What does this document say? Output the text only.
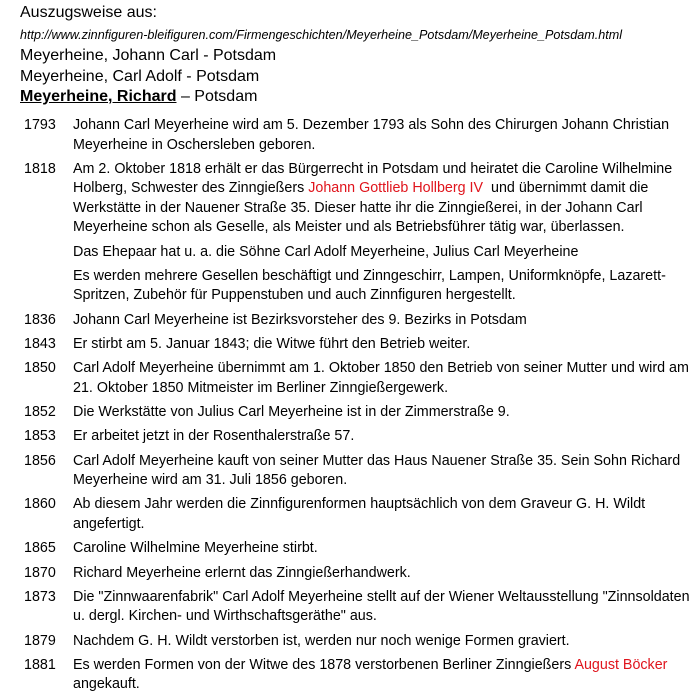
Auszugsweise aus:
http://www.zinnfiguren-bleifiguren.com/Firmengeschichten/Meyerheine_Potsdam/Meyerheine_Potsdam.html
Meyerheine, Johann Carl - Potsdam
Meyerheine, Carl Adolf - Potsdam
Meyerheine, Richard – Potsdam
1793	Johann Carl Meyerheine wird am 5. Dezember 1793 als Sohn des Chirurgen Johann Christian Meyerheine in Oschersleben geboren.

1818	Am 2. Oktober 1818 erhält er das Bürgerrecht in Potsdam und heiratet die Caroline Wilhelmine Holberg, Schwester des Zinngießers Johann Gottlieb Hollberg IV  und übernimmt damit die Werkstätte in der Nauener Straße 35. Dieser hatte ihr die Zinngießerei, in der Johann Carl Meyerheine schon als Geselle, als Meister und als Betriebsführer tätig war, überlassen.

Das Ehepaar hat u. a. die Söhne Carl Adolf Meyerheine, Julius Carl Meyerheine

Es werden mehrere Gesellen beschäftigt und Zinngeschirr, Lampen, Uniformknöpfe, Lazarett-Spritzen, Zubehör für Puppenstuben und auch Zinnfiguren hergestellt.

1836	Johann Carl Meyerheine ist Bezirksvorsteher des 9. Bezirks in Potsdam

1843	Er stirbt am 5. Januar 1843; die Witwe führt den Betrieb weiter.

1850	Carl Adolf Meyerheine übernimmt am 1. Oktober 1850 den Betrieb von seiner Mutter und wird am 21. Oktober 1850 Mitmeister im Berliner Zinngießergewerk.

1852	Die Werkstätte von Julius Carl Meyerheine ist in der Zimmerstraße 9.

1853	Er arbeitet jetzt in der Rosenthalerstraße 57.

1856	Carl Adolf Meyerheine kauft von seiner Mutter das Haus Nauener Straße 35. Sein Sohn Richard Meyerheine wird am 31. Juli 1856 geboren.

1860	Ab diesem Jahr werden die Zinnfigurenformen hauptsächlich von dem Graveur G. H. Wildt angefertigt.

1865	Caroline Wilhelmine Meyerheine stirbt.

1870	Richard Meyerheine erlernt das Zinngießerhandwerk.

1873	Die "Zinnwaarenfabrik" Carl Adolf Meyerheine stellt auf der Wiener Weltausstellung "Zinnsoldaten u. dergl. Kirchen- und Wirthschaftsgeräthe" aus.

1879	Nachdem G. H. Wildt verstorben ist, werden nur noch wenige Formen graviert.

1881	Es werden Formen von der Witwe des 1878 verstorbenen Berliner Zinngießers August Böcker angekauft.
